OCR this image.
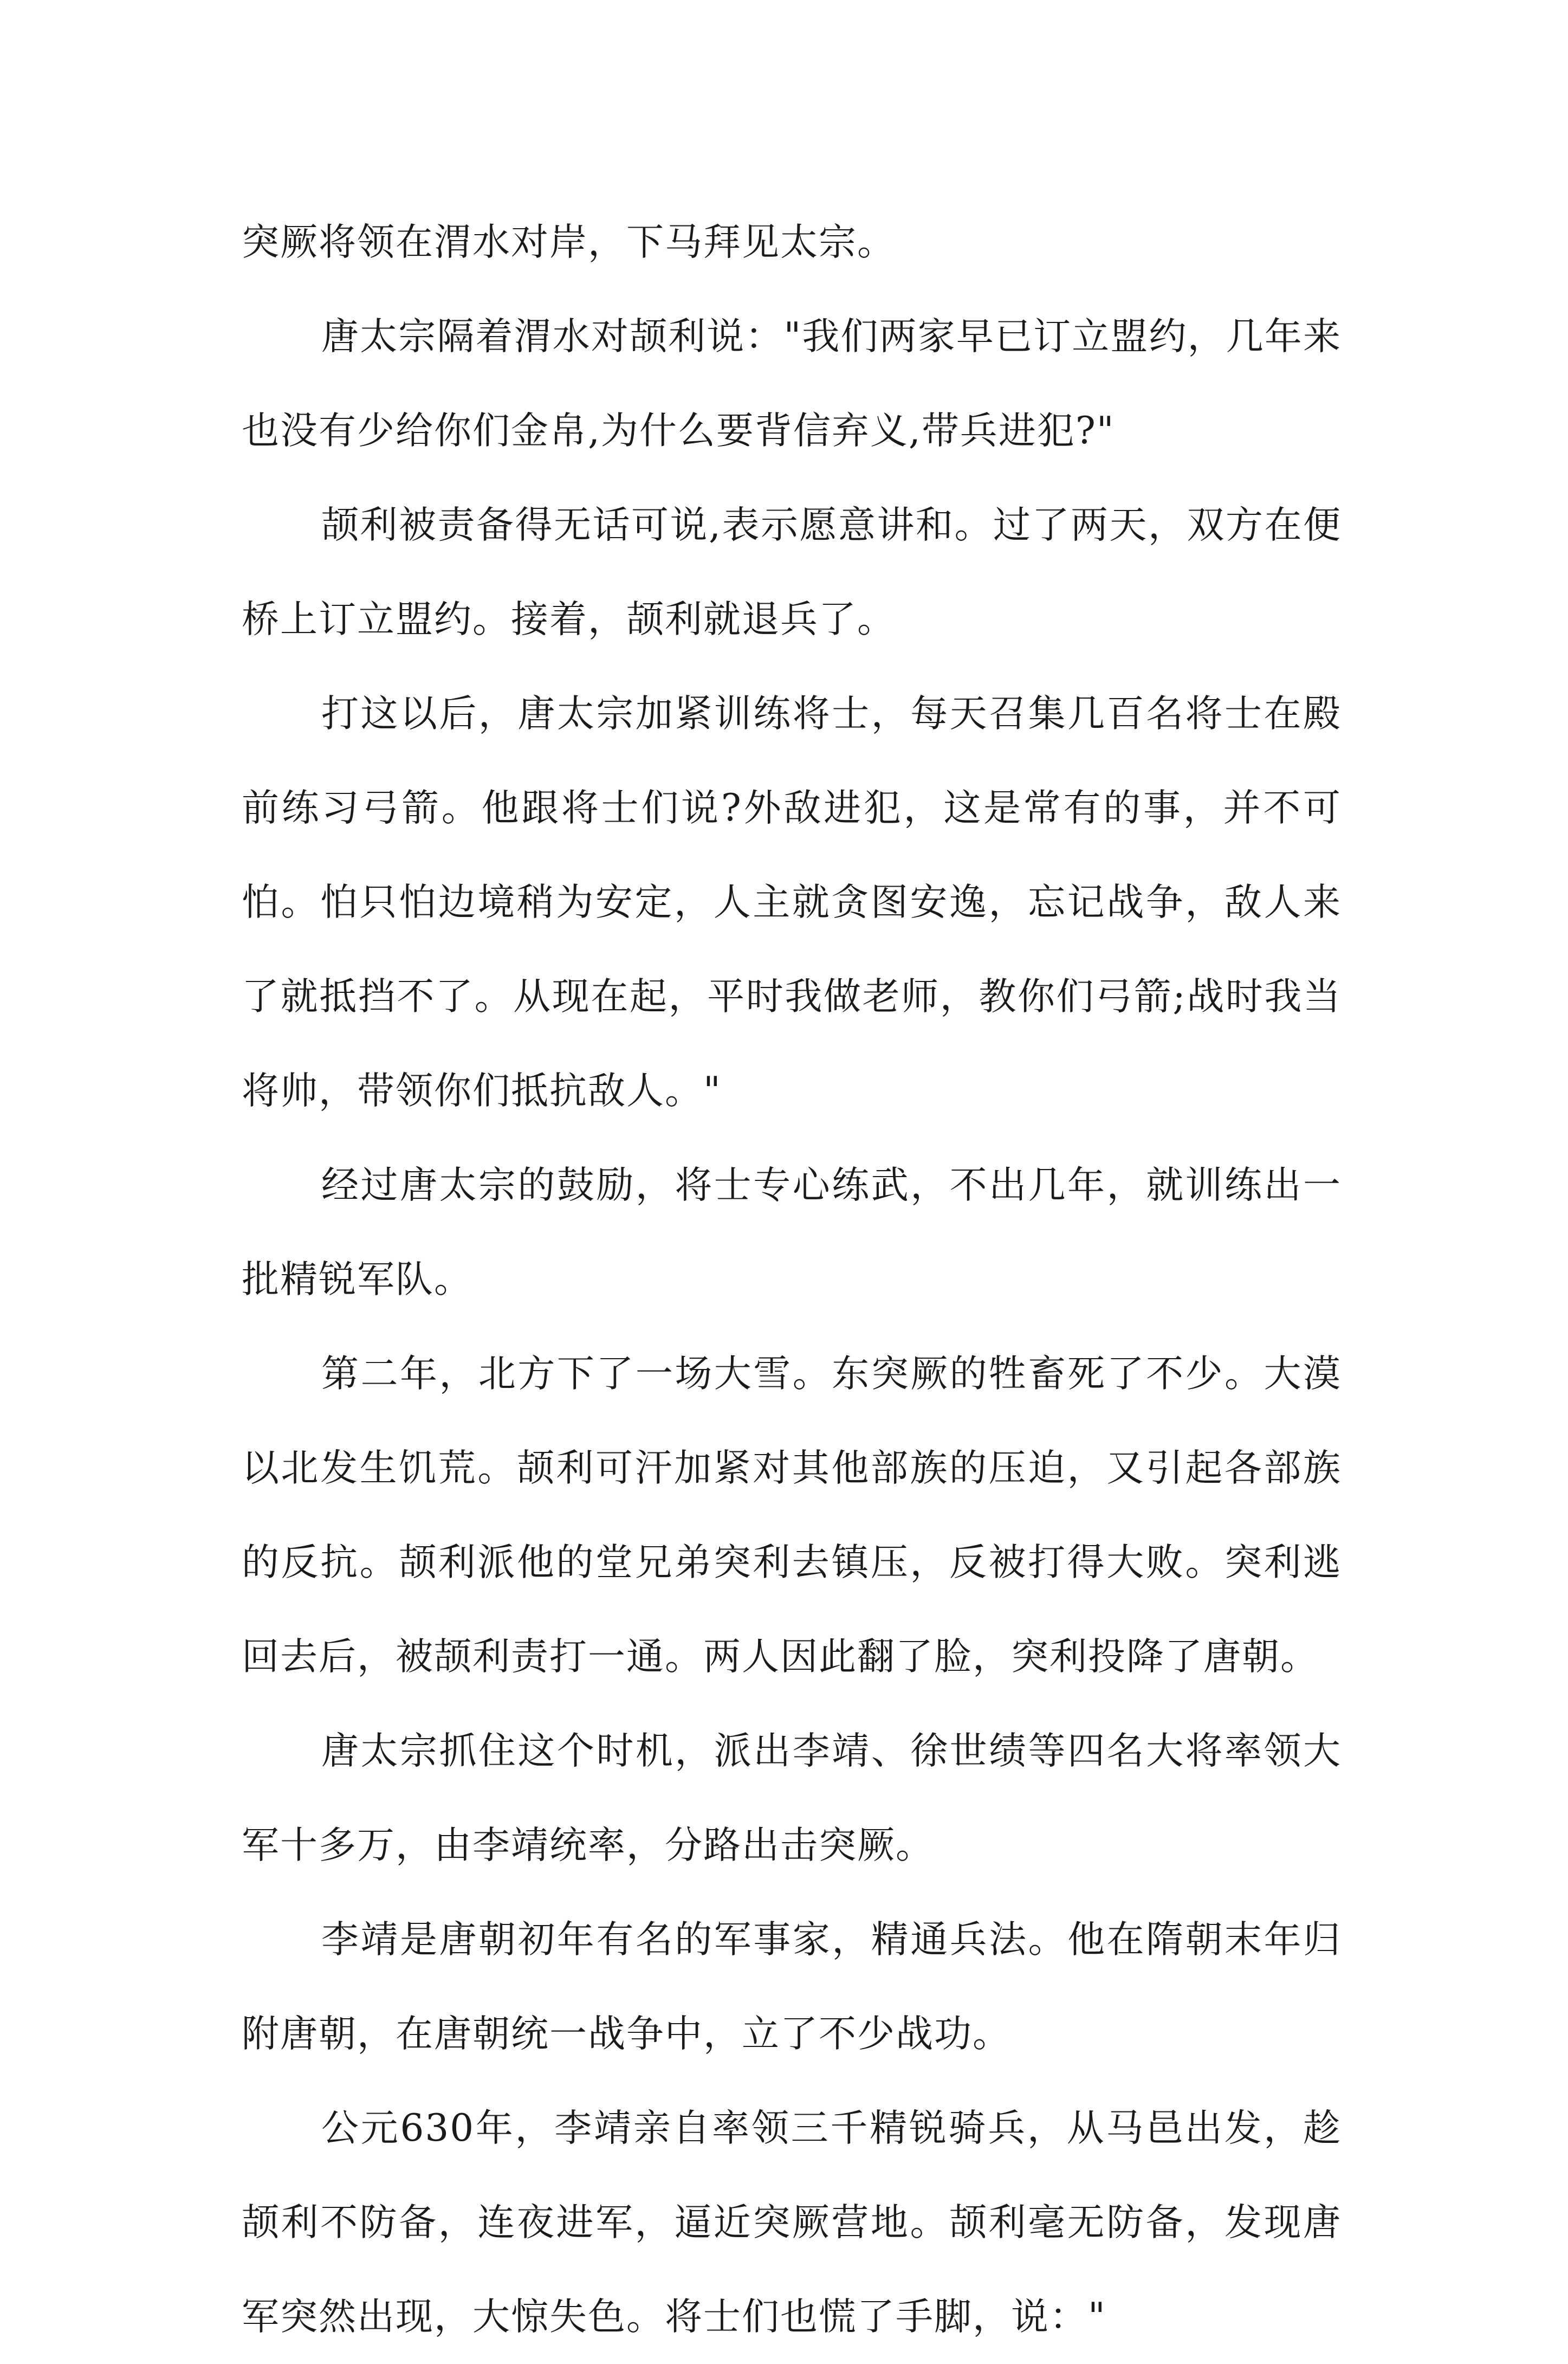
突厥将领在渭水对岸，下马拜见太宗。

唐太宗隔着渭水对颉利说："我们两家早已订立盟约，几年来也没有少给你们金帛,为什么要背信弃义,带兵进犯?"

颉利被责备得无话可说,表示愿意讲和。过了两天，双方在便桥上订立盟约。接着，颉利就退兵了。

打这以后，唐太宗加紧训练将士，每天召集几百名将士在殿前练习弓箭。他跟将士们说?外敌进犯，这是常有的事，并不可怕。怕只怕边境稍为安定，人主就贪图安逸，忘记战争，敌人来了就抵挡不了。从现在起，平时我做老师，教你们弓箭;战时我当将帅，带领你们抵抗敌人。"

经过唐太宗的鼓励，将士专心练武，不出几年，就训练出一批精锐军队。

第二年，北方下了一场大雪。东突厥的牲畜死了不少。大漠以北发生饥荒。颉利可汗加紧对其他部族的压迫，又引起各部族的反抗。颉利派他的堂兄弟突利去镇压，反被打得大败。突利逃回去后，被颉利责打一通。两人因此翻了脸，突利投降了唐朝。

唐太宗抓住这个时机，派出李靖、徐世绩等四名大将率领大军十多万，由李靖统率，分路出击突厥。

李靖是唐朝初年有名的军事家，精通兵法。他在隋朝末年归附唐朝，在唐朝统一战争中，立了不少战功。

公元630年，李靖亲自率领三千精锐骑兵，从马邑出发，趁颉利不防备，连夜进军，逼近突厥营地。颉利毫无防备，发现唐军突然出现，大惊失色。将士们也慌了手脚，说："
